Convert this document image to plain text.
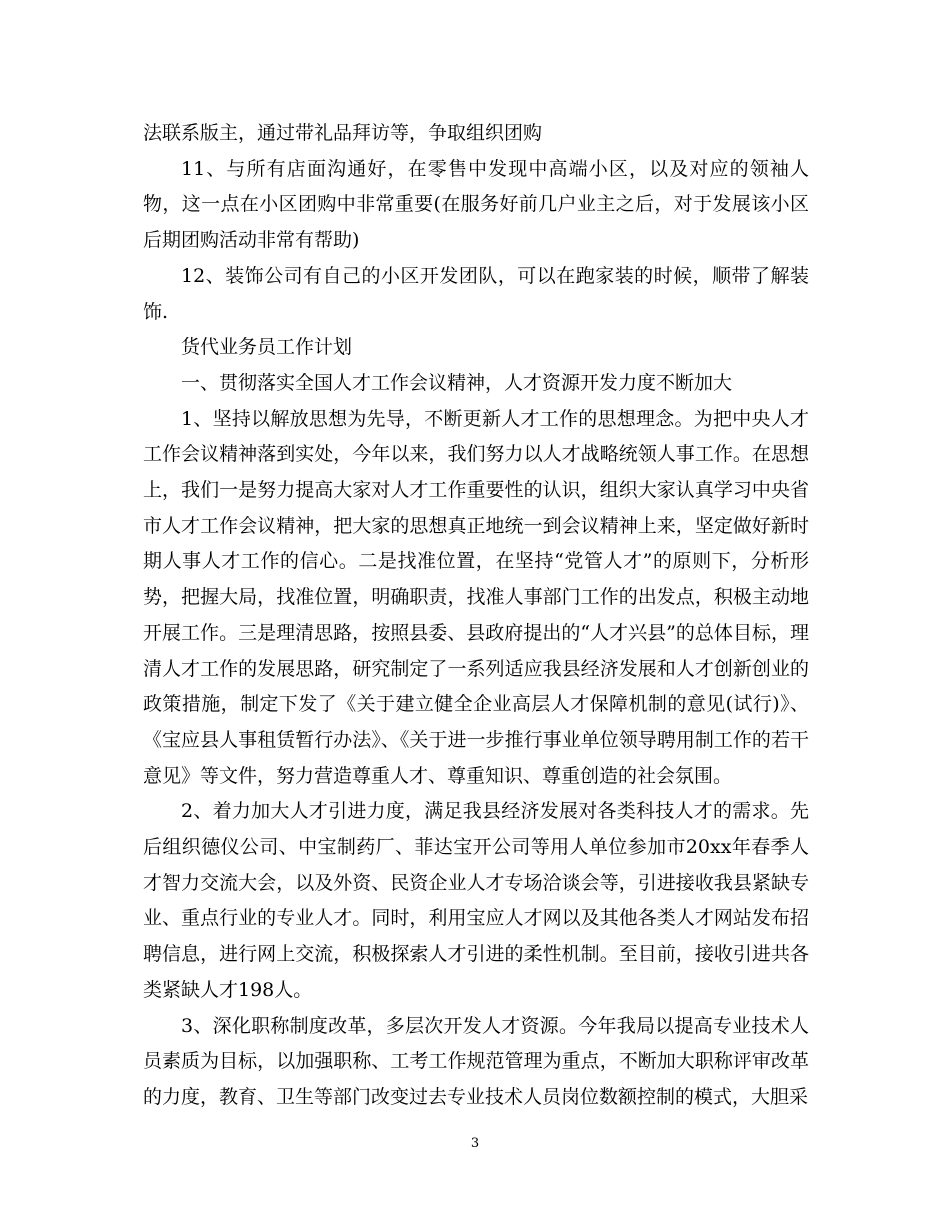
法联系版主，通过带礼品拜访等，争取组织团购

11、与所有店面沟通好，在零售中发现中高端小区，以及对应的领袖人物，这一点在小区团购中非常重要(在服务好前几户业主之后，对于发展该小区后期团购活动非常有帮助)

12、装饰公司有自己的小区开发团队，可以在跑家装的时候，顺带了解装饰.

货代业务员工作计划

一、贯彻落实全国人才工作会议精神，人才资源开发力度不断加大

1、坚持以解放思想为先导，不断更新人才工作的思想理念。为把中央人才工作会议精神落到实处，今年以来，我们努力以人才战略统领人事工作。在思想上，我们一是努力提高大家对人才工作重要性的认识，组织大家认真学习中央省市人才工作会议精神，把大家的思想真正地统一到会议精神上来，坚定做好新时期人事人才工作的信心。二是找准位置，在坚持“党管人才”的原则下，分析形势，把握大局，找准位置，明确职责，找准人事部门工作的出发点，积极主动地开展工作。三是理清思路，按照县委、县政府提出的“人才兴县”的总体目标，理清人才工作的发展思路，研究制定了一系列适应我县经济发展和人才创新创业的政策措施，制定下发了《关于建立健全企业高层人才保障机制的意见(试行)》、《宝应县人事租赁暂行办法》、《关于进一步推行事业单位领导聘用制工作的若干意见》等文件，努力营造尊重人才、尊重知识、尊重创造的社会氛围。

2、着力加大人才引进力度，满足我县经济发展对各类科技人才的需求。先后组织德仪公司、中宝制药厂、菲达宝开公司等用人单位参加市20xx年春季人才智力交流大会，以及外资、民资企业人才专场洽谈会等，引进接收我县紧缺专业、重点行业的专业人才。同时，利用宝应人才网以及其他各类人才网站发布招聘信息，进行网上交流，积极探索人才引进的柔性机制。至目前，接收引进共各类紧缺人才198人。

3、深化职称制度改革，多层次开发人才资源。今年我局以提高专业技术人员素质为目标，以加强职称、工考工作规范管理为重点，不断加大职称评审改革的力度，教育、卫生等部门改变过去专业技术人员岗位数额控制的模式，大胆采

3
